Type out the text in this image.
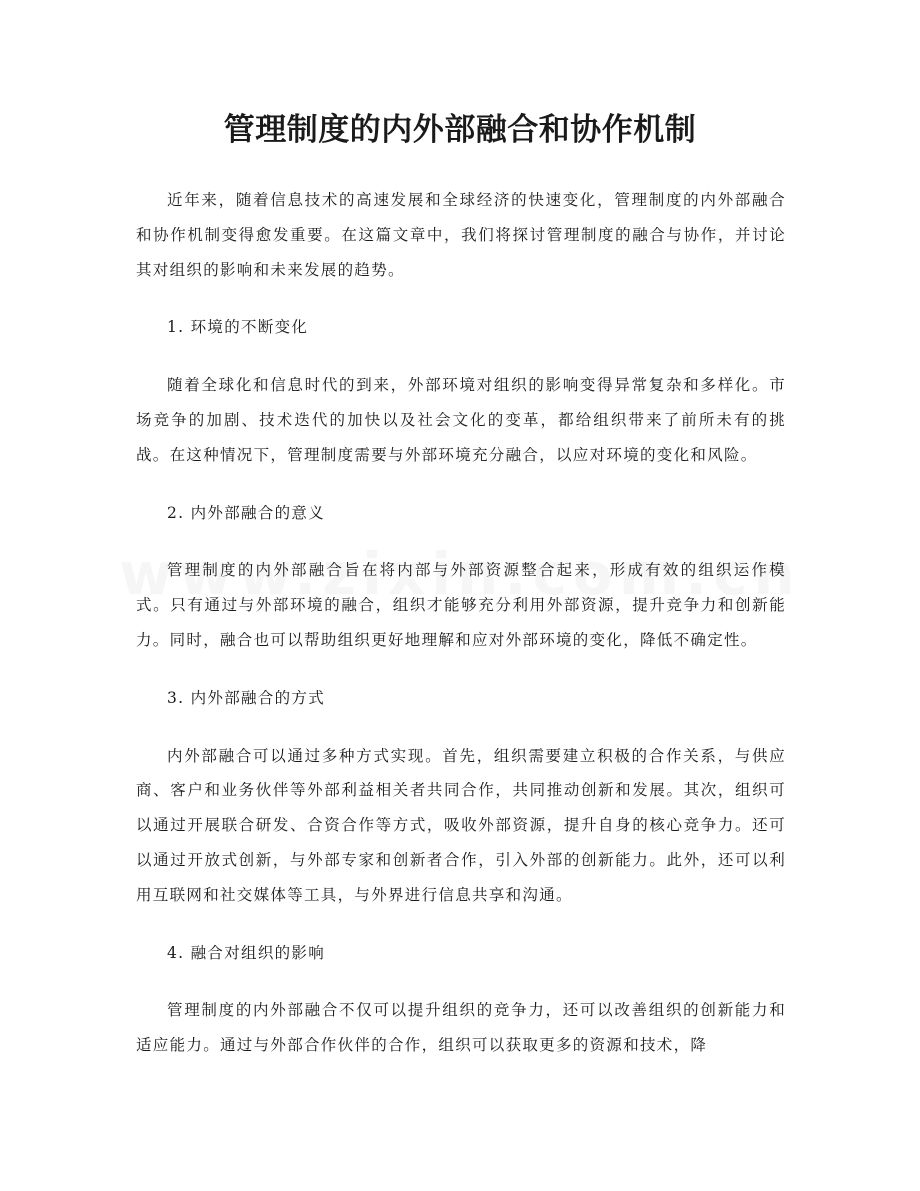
管理制度的内外部融合和协作机制

近年来，随着信息技术的高速发展和全球经济的快速变化，管理制度的内外部融合和协作机制变得愈发重要。在这篇文章中，我们将探讨管理制度的融合与协作，并讨论其对组织的影响和未来发展的趋势。

1. 环境的不断变化

随着全球化和信息时代的到来，外部环境对组织的影响变得异常复杂和多样化。市场竞争的加剧、技术迭代的加快以及社会文化的变革，都给组织带来了前所未有的挑战。在这种情况下，管理制度需要与外部环境充分融合，以应对环境的变化和风险。

2. 内外部融合的意义

管理制度的内外部融合旨在将内部与外部资源整合起来，形成有效的组织运作模式。只有通过与外部环境的融合，组织才能够充分利用外部资源，提升竞争力和创新能力。同时，融合也可以帮助组织更好地理解和应对外部环境的变化，降低不确定性。

3. 内外部融合的方式

内外部融合可以通过多种方式实现。首先，组织需要建立积极的合作关系，与供应商、客户和业务伙伴等外部利益相关者共同合作，共同推动创新和发展。其次，组织可以通过开展联合研发、合资合作等方式，吸收外部资源，提升自身的核心竞争力。还可以通过开放式创新，与外部专家和创新者合作，引入外部的创新能力。此外，还可以利用互联网和社交媒体等工具，与外界进行信息共享和沟通。

4. 融合对组织的影响

管理制度的内外部融合不仅可以提升组织的竞争力，还可以改善组织的创新能力和适应能力。通过与外部合作伙伴的合作，组织可以获取更多的资源和技术，降
